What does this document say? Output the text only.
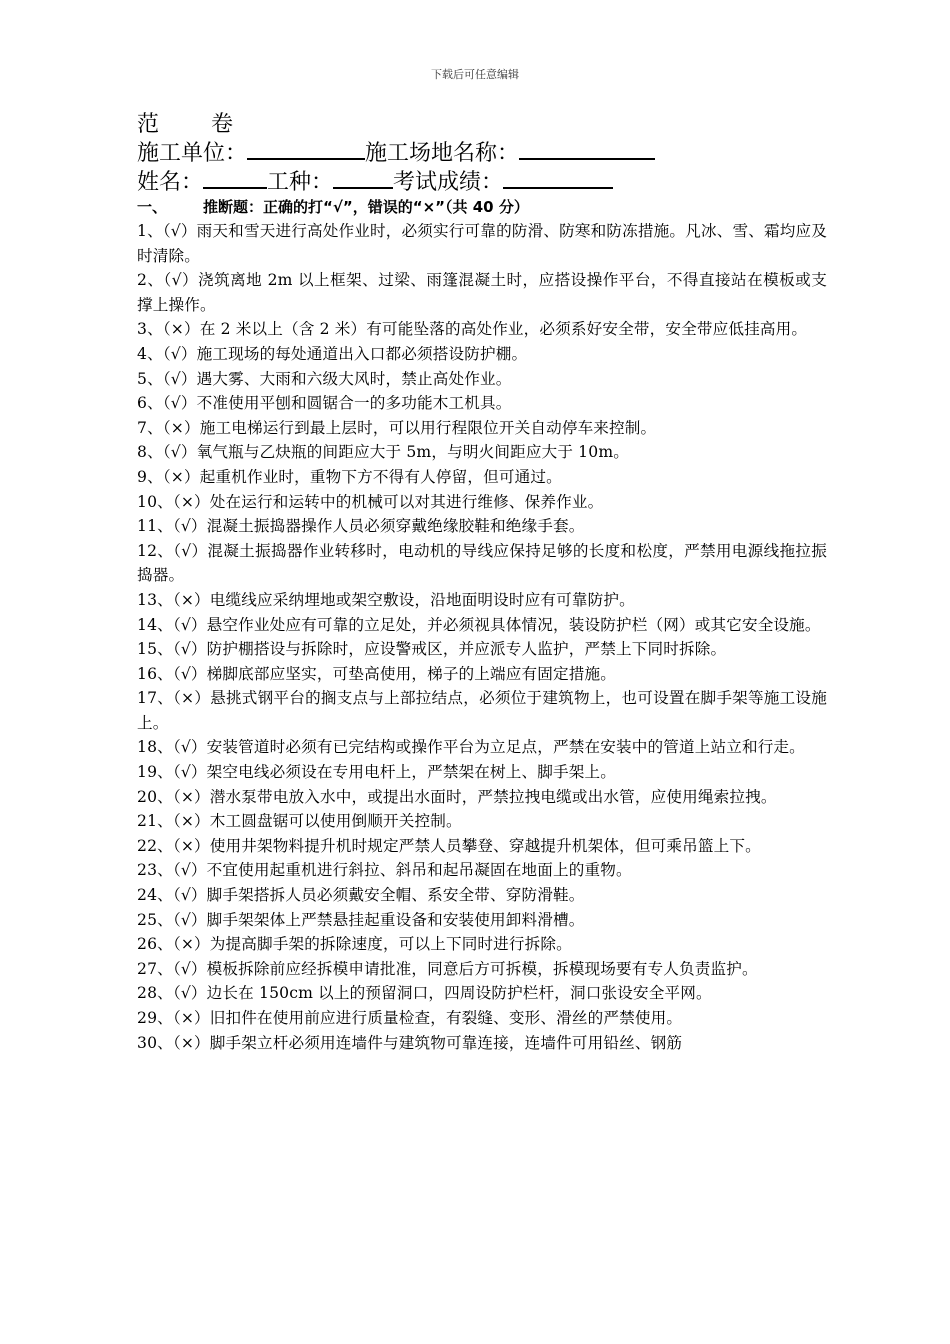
下载后可任意编辑
范 卷
施工单位：	施工场地名称：
姓名：	工种：	考试成绩：
一、 推断题：正确的打“√”，错误的“×”（共 40 分）
1、（√）雨天和雪天进行高处作业时，必须实行可靠的防滑、防寒和防冻措施。凡冰、雪、霜均应及时清除。
2、（√）浇筑离地 2m 以上框架、过梁、雨篷混凝土时，应搭设操作平台，不得直接站在模板或支撑上操作。
3、（×）在 2 米以上（含 2 米）有可能坠落的高处作业，必须系好安全带，安全带应低挂高用。
4、（√）施工现场的每处通道出入口都必须搭设防护棚。
5、（√）遇大雾、大雨和六级大风时，禁止高处作业。
6、（√）不准使用平刨和圆锯合一的多功能木工机具。
7、（×）施工电梯运行到最上层时，可以用行程限位开关自动停车来控制。
8、（√）氧气瓶与乙炔瓶的间距应大于 5m，与明火间距应大于 10m。
9、（×）起重机作业时，重物下方不得有人停留，但可通过。
10、（×）处在运行和运转中的机械可以对其进行维修、保养作业。
11、（√）混凝土振捣器操作人员必须穿戴绝缘胶鞋和绝缘手套。
12、（√）混凝土振捣器作业转移时，电动机的导线应保持足够的长度和松度，严禁用电源线拖拉振捣器。
13、（×）电缆线应采纳埋地或架空敷设，沿地面明设时应有可靠防护。
14、（√）悬空作业处应有可靠的立足处，并必须视具体情况，装设防护栏（网）或其它安全设施。
15、（√）防护棚搭设与拆除时，应设警戒区，并应派专人监护，严禁上下同时拆除。
16、（√）梯脚底部应坚实，可垫高使用，梯子的上端应有固定措施。
17、（×）悬挑式钢平台的搁支点与上部拉结点，必须位于建筑物上，也可设置在脚手架等施工设施上。
18、（√）安装管道时必须有已完结构或操作平台为立足点，严禁在安装中的管道上站立和行走。
19、（√）架空电线必须设在专用电杆上，严禁架在树上、脚手架上。
20、（×）潜水泵带电放入水中，或提出水面时，严禁拉拽电缆或出水管，应使用绳索拉拽。
21、（×）木工圆盘锯可以使用倒顺开关控制。
22、（×）使用井架物料提升机时规定严禁人员攀登、穿越提升机架体，但可乘吊篮上下。
23、（√）不宜使用起重机进行斜拉、斜吊和起吊凝固在地面上的重物。
24、（√）脚手架搭拆人员必须戴安全帽、系安全带、穿防滑鞋。
25、（√）脚手架架体上严禁悬挂起重设备和安装使用卸料滑槽。
26、（×）为提高脚手架的拆除速度，可以上下同时进行拆除。
27、（√）模板拆除前应经拆模申请批准，同意后方可拆模，拆模现场要有专人负责监护。
28、（√）边长在 150cm 以上的预留洞口，四周设防护栏杆，洞口张设安全平网。
29、（×）旧扣件在使用前应进行质量检查，有裂缝、变形、滑丝的严禁使用。
30、（×）脚手架立杆必须用连墙件与建筑物可靠连接，连墙件可用铅丝、钢筋
